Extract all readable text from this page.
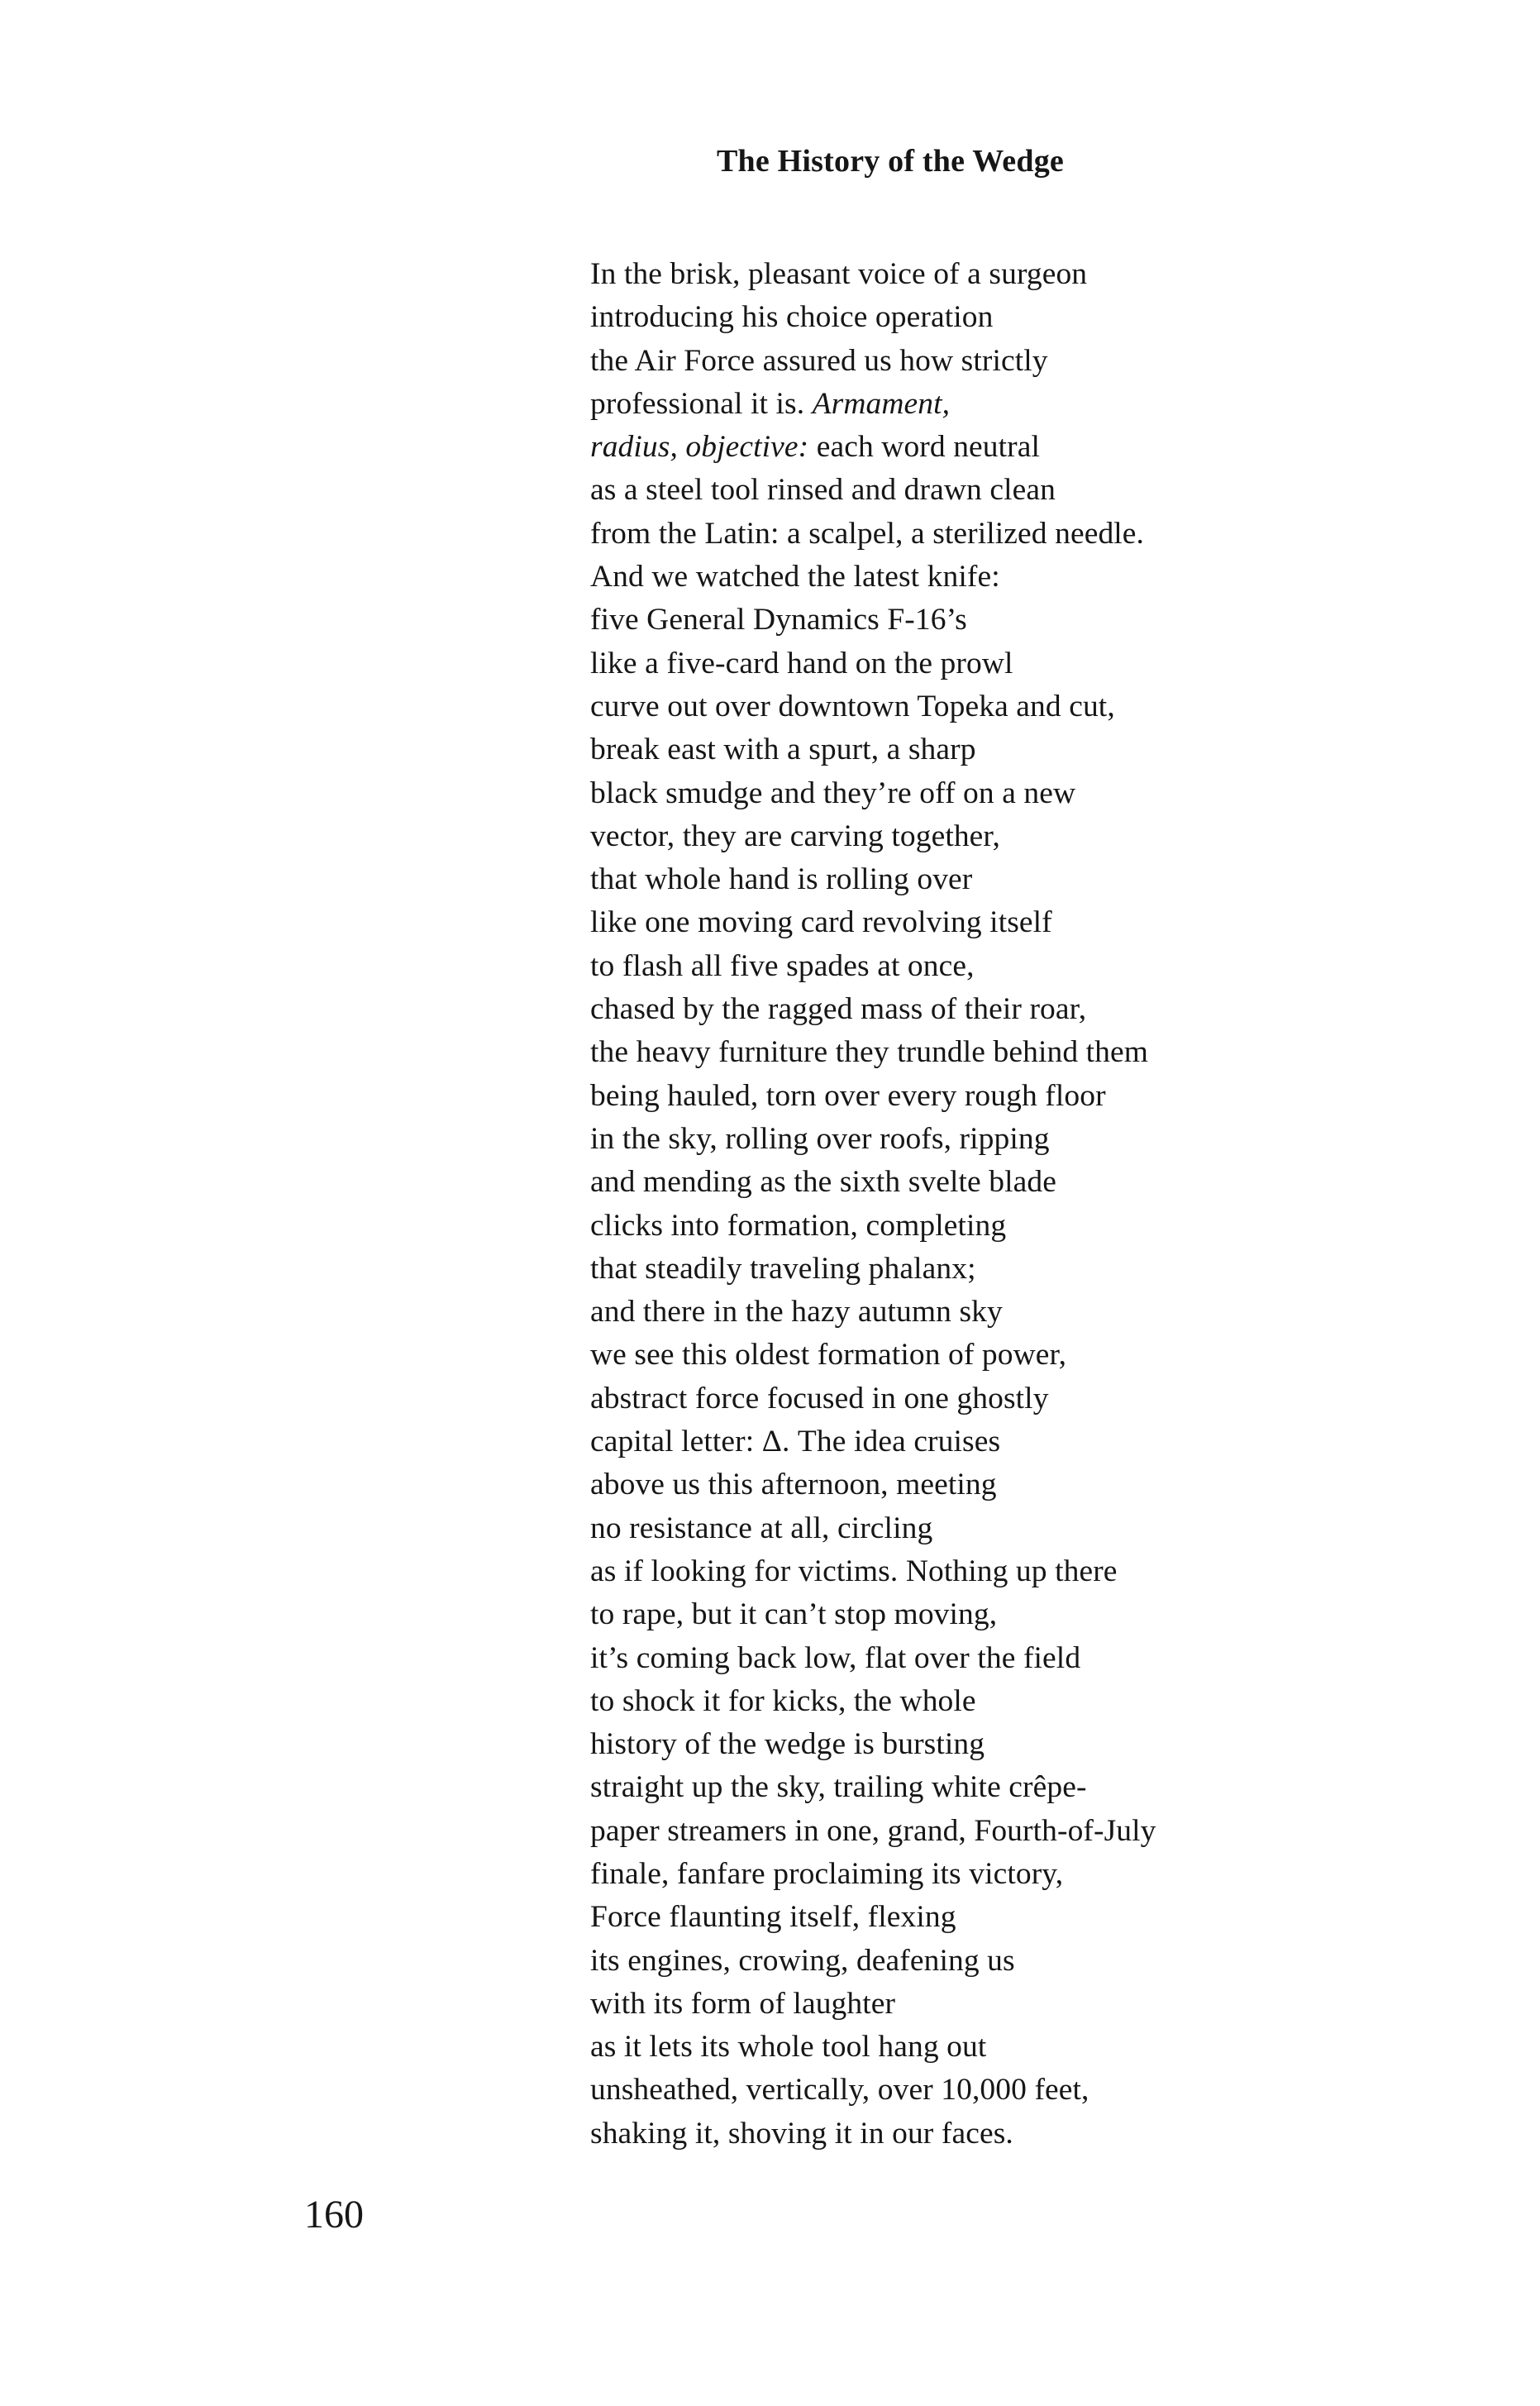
The History of the Wedge
In the brisk, pleasant voice of a surgeon
introducing his choice operation
the Air Force assured us how strictly
professional it is. Armament,
radius, objective: each word neutral
as a steel tool rinsed and drawn clean
from the Latin: a scalpel, a sterilized needle.
And we watched the latest knife:
five General Dynamics F-16’s
like a five-card hand on the prowl
curve out over downtown Topeka and cut,
break east with a spurt, a sharp
black smudge and they’re off on a new
vector, they are carving together,
that whole hand is rolling over
like one moving card revolving itself
to flash all five spades at once,
chased by the ragged mass of their roar,
the heavy furniture they trundle behind them
being hauled, torn over every rough floor
in the sky, rolling over roofs, ripping
and mending as the sixth svelte blade
clicks into formation, completing
that steadily traveling phalanx;
and there in the hazy autumn sky
we see this oldest formation of power,
abstract force focused in one ghostly
capital letter: Δ. The idea cruises
above us this afternoon, meeting
no resistance at all, circling
as if looking for victims. Nothing up there
to rape, but it can’t stop moving,
it’s coming back low, flat over the field
to shock it for kicks, the whole
history of the wedge is bursting
straight up the sky, trailing white crêpe-
paper streamers in one, grand, Fourth-of-July
finale, fanfare proclaiming its victory,
Force flaunting itself, flexing
its engines, crowing, deafening us
with its form of laughter
as it lets its whole tool hang out
unsheathed, vertically, over 10,000 feet,
shaking it, shoving it in our faces.
160
